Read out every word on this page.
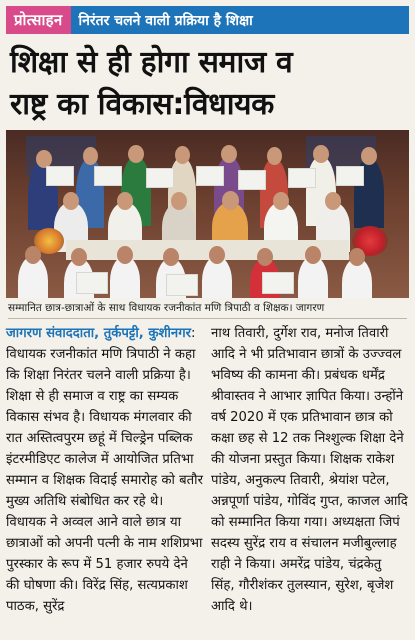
प्रोत्साहन	निरंतर चलने वाली प्रक्रिया है शिक्षा
शिक्षा से ही होगा समाज व
राष्ट्र का विकास:विधायक
सम्मानित छात्र-छात्राओं के साथ विधायक रजनीकांत मणि त्रिपाठी व शिक्षक। जागरण

जागरण संवाददाता, तुर्कपट्टी, कुशीनगर: विधायक रजनीकांत मणि त्रिपाठी ने कहा कि शिक्षा निरंतर चलने वाली प्रक्रिया है। शिक्षा से ही समाज व राष्ट्र का सम्यक विकास संभव है। विधायक मंगलवार की रात अस्तित्वपुरम छहूं में चिल्ड्रेन पब्लिक इंटरमीडिएट कालेज में आयोजित प्रतिभा सम्मान व शिक्षक विदाई समारोह को बतौर मुख्य अतिथि संबोधित कर रहे थे। विधायक ने अव्वल आने वाले छात्र या छात्राओं को अपनी पत्नी के नाम शशिप्रभा पुरस्कार के रूप में 51 हजार रुपये देने की घोषणा की। विरेंद्र सिंह, सत्यप्रकाश पाठक, सुरेंद्र

नाथ तिवारी, दुर्गेश राव, मनोज तिवारी आदि ने भी प्रतिभावान छात्रों के उज्ज्वल भविष्य की कामना की। प्रबंधक धर्मेंद्र श्रीवास्तव ने आभार ज्ञापित किया। उन्होंने वर्ष 2020 में एक प्रतिभावान छात्र को कक्षा छह से 12 तक निश्शुल्क शिक्षा देने की योजना प्रस्तुत किया। शिक्षक राकेश पांडेय, अनुकल्प तिवारी, श्रेयांश पटेल, अन्नपूर्णा पांडेय, गोविंद गुप्त, काजल आदि को सम्मानित किया गया। अध्यक्षता जिपं सदस्य सुरेंद्र राय व संचालन मजीबुल्लाह राही ने किया। अमरेंद्र पांडेय, चंद्रकेतु सिंह, गौरीशंकर तुलस्यान, सुरेश, बृजेश आदि थे।
